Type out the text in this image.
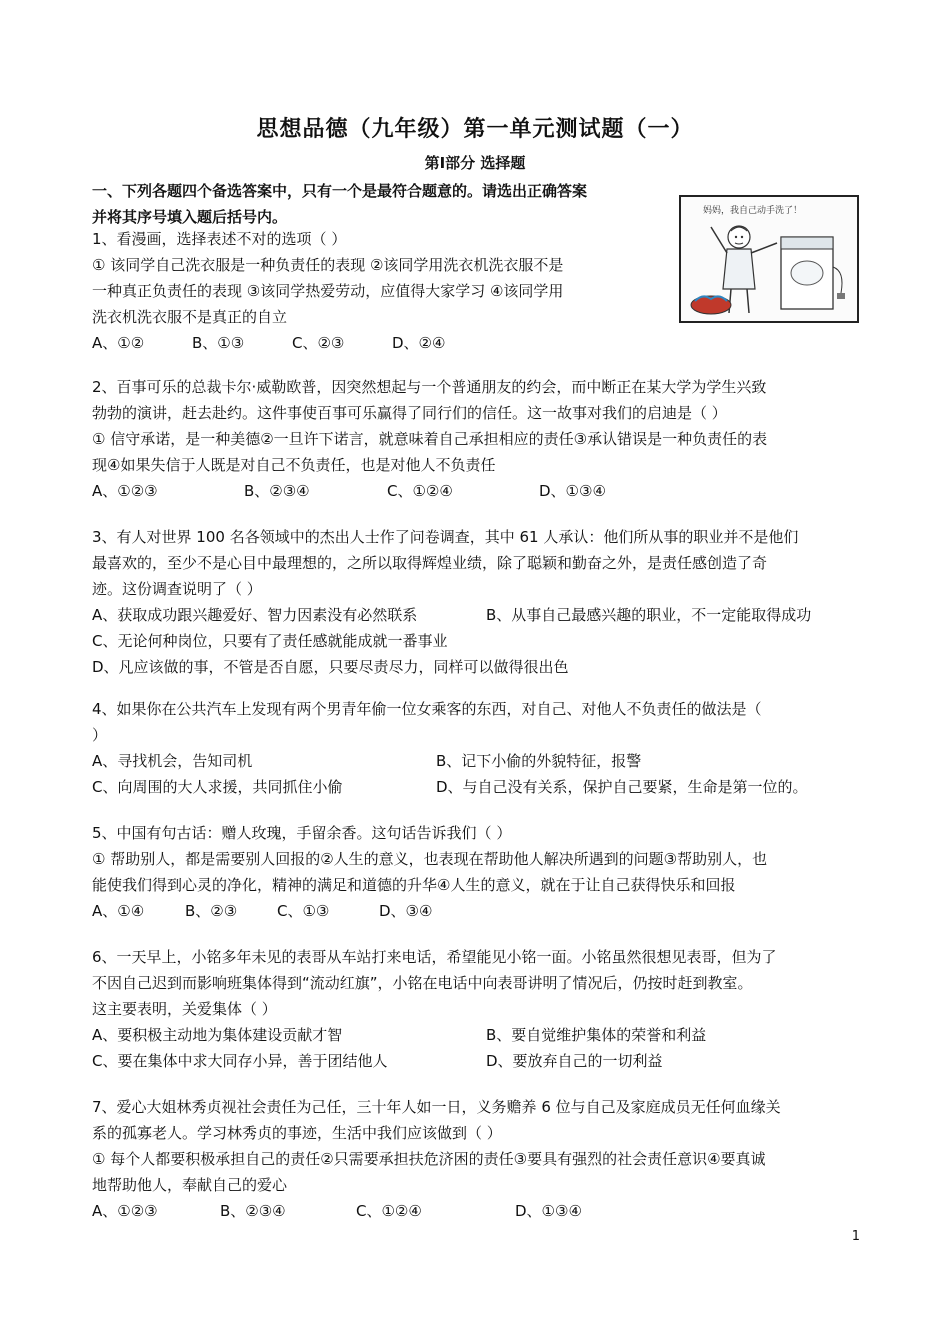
思想品德（九年级）第一单元测试题（一）
第Ⅰ部分 选择题
一、下列各题四个备选答案中，只有一个是最符合题意的。请选出正确答案
并将其序号填入题后括号内。	妈妈，我自己动手洗了！

1、看漫画，选择表述不对的选项（ ）

① 该同学自己洗衣服是一种负责任的表现 ②该同学用洗衣机洗衣服不是

一种真正负责任的表现 ③该同学热爱劳动，应值得大家学习 ④该同学用

洗衣机洗衣服不是真正的自立

A、①②	B、①③	C、②③	D、②④

2、百事可乐的总裁卡尔·威勒欧普，因突然想起与一个普通朋友的约会，而中断正在某大学为学生兴致

勃勃的演讲，赶去赴约。这件事使百事可乐赢得了同行们的信任。这一故事对我们的启迪是（ ）

① 信守承诺，是一种美德②一旦许下诺言，就意味着自己承担相应的责任③承认错误是一种负责任的表

现④如果失信于人既是对自己不负责任，也是对他人不负责任

A、①②③	B、②③④	C、①②④	D、①③④

3、有人对世界 100 名各领域中的杰出人士作了问卷调查，其中 61 人承认：他们所从事的职业并不是他们

最喜欢的，至少不是心目中最理想的，之所以取得辉煌业绩，除了聪颖和勤奋之外，是责任感创造了奇

迹。这份调查说明了（ ）

A、获取成功跟兴趣爱好、智力因素没有必然联系	B、从事自己最感兴趣的职业，不一定能取得成功

C、无论何种岗位，只要有了责任感就能成就一番事业

D、凡应该做的事，不管是否自愿，只要尽责尽力，同样可以做得很出色

4、如果你在公共汽车上发现有两个男青年偷一位女乘客的东西，对自己、对他人不负责任的做法是（

）

A、寻找机会，告知司机	B、记下小偷的外貌特征，报警
C、向周围的大人求援，共同抓住小偷	D、与自己没有关系，保护自己要紧，生命是第一位的。

5、中国有句古话：赠人玫瑰，手留余香。这句话告诉我们（ ）

① 帮助别人，都是需要别人回报的②人生的意义，也表现在帮助他人解决所遇到的问题③帮助别人，也

能使我们得到心灵的净化，精神的满足和道德的升华④人生的意义，就在于让自己获得快乐和回报

A、①④	B、②③	C、①③	D、③④

6、一天早上，小铭多年未见的表哥从车站打来电话，希望能见小铭一面。小铭虽然很想见表哥，但为了

不因自己迟到而影响班集体得到“流动红旗”，小铭在电话中向表哥讲明了情况后，仍按时赶到教室。

这主要表明，关爱集体（ ）

A、要积极主动地为集体建设贡献才智	B、要自觉维护集体的荣誉和利益
C、要在集体中求大同存小异，善于团结他人	D、要放弃自己的一切利益

7、爱心大姐林秀贞视社会责任为己任，三十年人如一日，义务赡养 6 位与自己及家庭成员无任何血缘关

系的孤寡老人。学习林秀贞的事迹，生活中我们应该做到（ ）

① 每个人都要积极承担自己的责任②只需要承担扶危济困的责任③要具有强烈的社会责任意识④要真诚

地帮助他人，奉献自己的爱心

A、①②③	B、②③④	C、①②④	D、①③④
1
